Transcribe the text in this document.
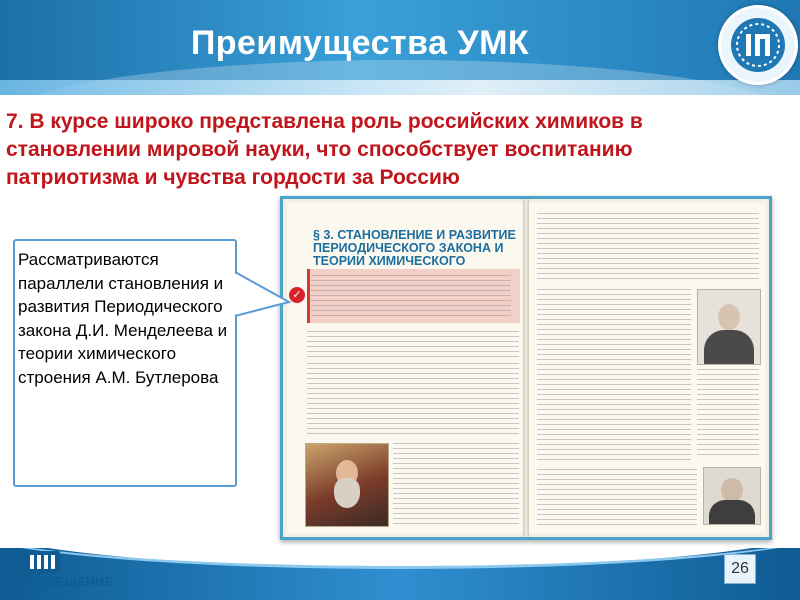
Преимущества УМК
7. В курсе широко представлена роль российских химиков в становлении мировой науки, что способствует воспитанию патриотизма и чувства гордости за Россию
§ 3. СТАНОВЛЕНИЕ И РАЗВИТИЕ ПЕРИОДИЧЕСКОГО ЗАКОНА И ТЕОРИИ ХИМИЧЕСКОГО
✓
Рассматриваются параллели становления и развития Периодического закона Д.И. Менделеева и теории химического строения А.М. Бутлерова
ПРОСВЕЩЕНИЕ
26
